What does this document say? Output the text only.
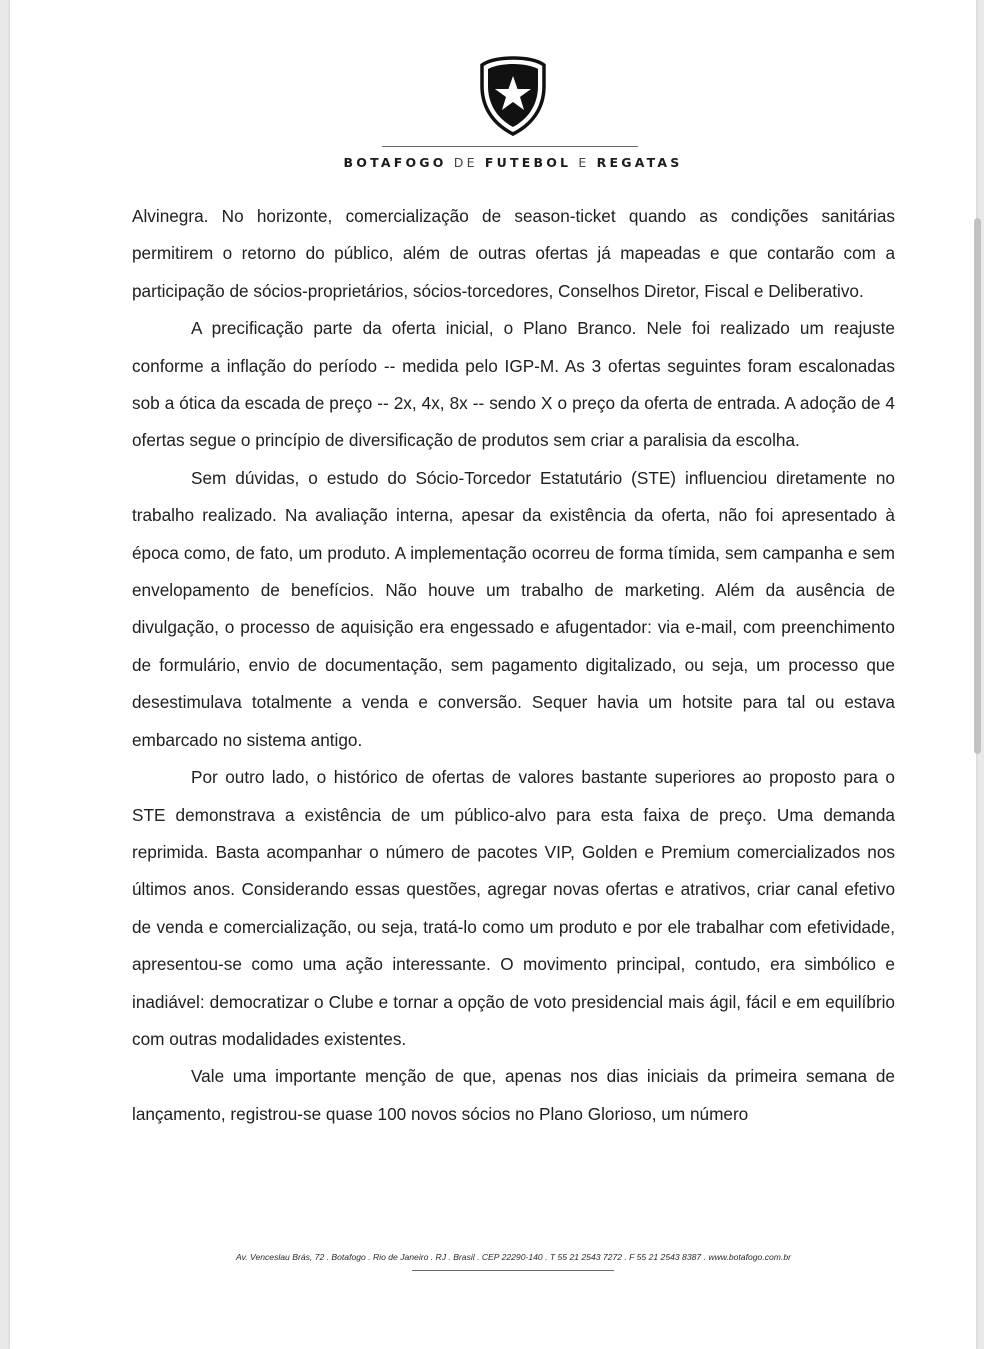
BOTAFOGO DE FUTEBOL E REGATAS

Alvinegra. No horizonte, comercialização de season-ticket quando as condições sanitárias permitirem o retorno do público, além de outras ofertas já mapeadas e que contarão com a participação de sócios-proprietários, sócios-torcedores, Conselhos Diretor, Fiscal e Deliberativo.

A precificação parte da oferta inicial, o Plano Branco. Nele foi realizado um reajuste conforme a inflação do período -- medida pelo IGP-M. As 3 ofertas seguintes foram escalonadas sob a ótica da escada de preço -- 2x, 4x, 8x -- sendo X o preço da oferta de entrada. A adoção de 4 ofertas segue o princípio de diversificação de produtos sem criar a paralisia da escolha.

Sem dúvidas, o estudo do Sócio-Torcedor Estatutário (STE) influenciou diretamente no trabalho realizado. Na avaliação interna, apesar da existência da oferta, não foi apresentado à época como, de fato, um produto. A implementação ocorreu de forma tímida, sem campanha e sem envelopamento de benefícios. Não houve um trabalho de marketing. Além da ausência de divulgação, o processo de aquisição era engessado e afugentador: via e-mail, com preenchimento de formulário, envio de documentação, sem pagamento digitalizado, ou seja, um processo que desestimulava totalmente a venda e conversão. Sequer havia um hotsite para tal ou estava embarcado no sistema antigo.

Por outro lado, o histórico de ofertas de valores bastante superiores ao proposto para o STE demonstrava a existência de um público-alvo para esta faixa de preço. Uma demanda reprimida. Basta acompanhar o número de pacotes VIP, Golden e Premium comercializados nos últimos anos. Considerando essas questões, agregar novas ofertas e atrativos, criar canal efetivo de venda e comercialização, ou seja, tratá-lo como um produto e por ele trabalhar com efetividade, apresentou-se como uma ação interessante. O movimento principal, contudo, era simbólico e inadiável: democratizar o Clube e tornar a opção de voto presidencial mais ágil, fácil e em equilíbrio com outras modalidades existentes.

Vale uma importante menção de que, apenas nos dias iniciais da primeira semana de lançamento, registrou-se quase 100 novos sócios no Plano Glorioso, um número

Av. Venceslau Brás, 72 . Botafogo . Rio de Janeiro . RJ . Brasil . CEP 22290-140 . T 55 21 2543 7272 . F 55 21 2543 8387 . www.botafogo.com.br
